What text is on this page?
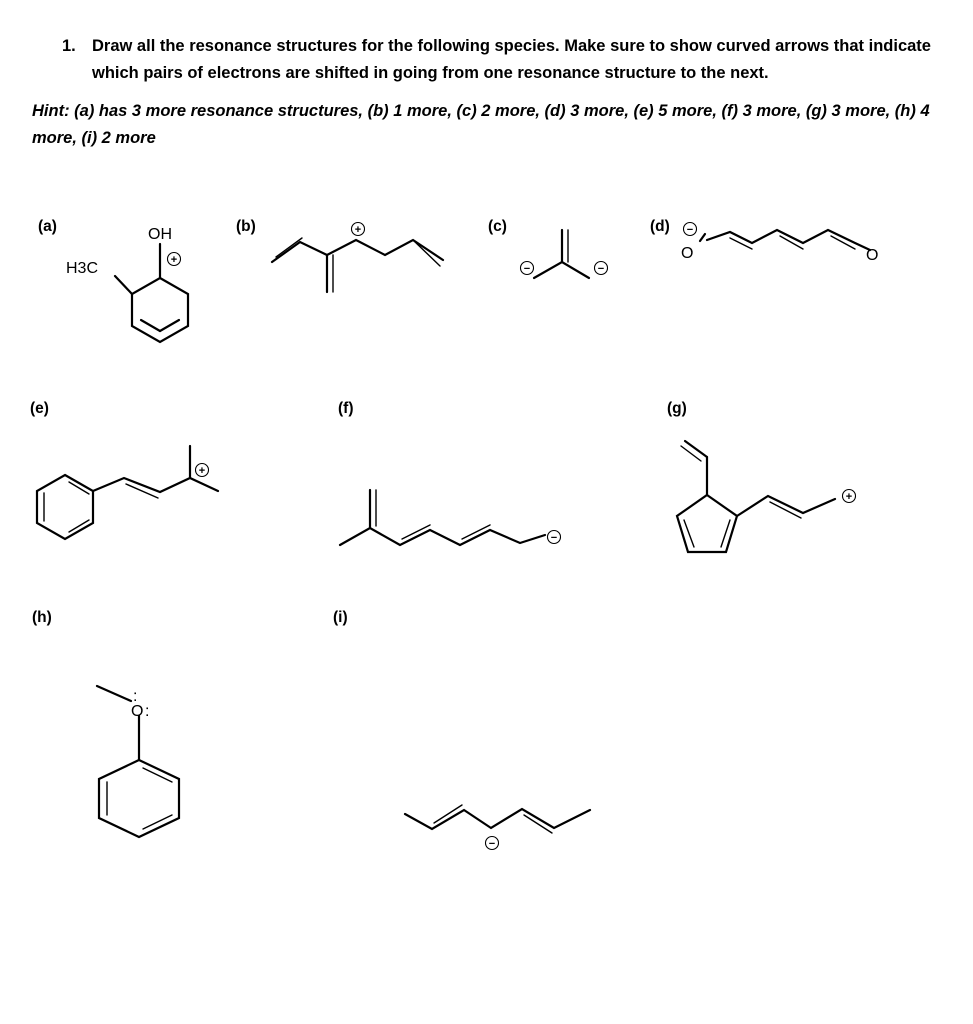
1. Draw all the resonance structures for the following species. Make sure to show curved arrows that indicate which pairs of electrons are shifted in going from one resonance structure to the next.
Hint: (a) has 3 more resonance structures, (b) 1 more, (c) 2 more, (d) 3 more, (e) 5 more, (f) 3 more, (g) 3 more, (h) 4 more, (i) 2 more
(a)	(b)	(c)	(d)
(e)	(f)	(g)
(h)	(i)
OH
H3C	+
+
−	−
O	O
−
+
−
+
O
:
:
−
